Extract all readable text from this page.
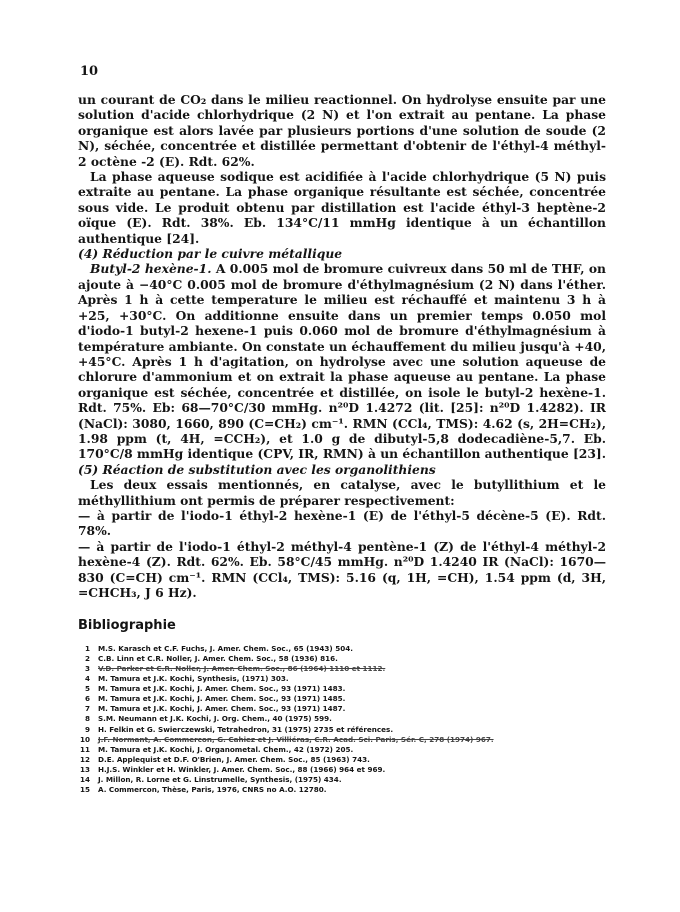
10

un courant de CO₂ dans le milieu reactionnel. On hydrolyse ensuite par une solution d'acide chlorhydrique (2 N) et l'on extrait au pentane. La phase organique est alors lavée par plusieurs portions d'une solution de soude (2 N), séchée, concentrée et distillée permettant d'obtenir de l'éthyl-4 méthyl-2 octène -2 (E). Rdt. 62%.

La phase aqueuse sodique est acidifiée à l'acide chlorhydrique (5 N) puis extraite au pentane. La phase organique résultante est séchée, concentrée sous vide. Le produit obtenu par distillation est l'acide éthyl-3 heptène-2 oïque (E). Rdt. 38%. Eb. 134°C/11 mmHg identique à un échantillon authentique [24].

(4) Réduction par le cuivre métallique

Butyl-2 hexène-1. A 0.005 mol de bromure cuivreux dans 50 ml de THF, on ajoute à −40°C 0.005 mol de bromure d'éthylmagnésium (2 N) dans l'éther. Après 1 h à cette temperature le milieu est réchauffé et maintenu 3 h à +25, +30°C. On additionne ensuite dans un premier temps 0.050 mol d'iodo-1 butyl-2 hexene-1 puis 0.060 mol de bromure d'éthylmagnésium à température ambiante. On constate un échauffement du milieu jusqu'à +40, +45°C. Après 1 h d'agitation, on hydrolyse avec une solution aqueuse de chlorure d'ammonium et on extrait la phase aqueuse au pentane. La phase organique est séchée, concentrée et distillée, on isole le butyl-2 hexène-1. Rdt. 75%. Eb: 68—70°C/30 mmHg. n²⁰D 1.4272 (lit. [25]: n²⁰D 1.4282). IR (NaCl): 3080, 1660, 890 (C=CH₂) cm⁻¹. RMN (CCl₄, TMS): 4.62 (s, 2H=CH₂), 1.98 ppm (t, 4H, =CCH₂), et 1.0 g de dibutyl-5,8 dodecadiène-5,7. Eb. 170°C/8 mmHg identique (CPV, IR, RMN) à un échantillon authentique [23].

(5) Réaction de substitution avec les organolithiens

Les deux essais mentionnés, en catalyse, avec le butyllithium et le méthyllithium ont permis de préparer respectivement:

— à partir de l'iodo-1 éthyl-2 hexène-1 (E) de l'éthyl-5 décène-5 (E). Rdt. 78%.

— à partir de l'iodo-1 éthyl-2 méthyl-4 pentène-1 (Z) de l'éthyl-4 méthyl-2 hexène-4 (Z). Rdt. 62%. Eb. 58°C/45 mmHg. n²⁰D 1.4240 IR (NaCl): 1670—830 (C=CH) cm⁻¹. RMN (CCl₄, TMS): 5.16 (q, 1H, =CH), 1.54 ppm (d, 3H, =CHCH₃, J 6 Hz).

Bibliographie
1 M.S. Karasch et C.F. Fuchs, J. Amer. Chem. Soc., 65 (1943) 504.
2 C.B. Linn et C.R. Noller, J. Amer. Chem. Soc., 58 (1936) 816.
3 V.D. Parker et C.R. Noller, J. Amer. Chem. Soc., 86 (1964) 1110 et 1112.
4 M. Tamura et J.K. Kochi, Synthesis, (1971) 303.
5 M. Tamura et J.K. Kochi, J. Amer. Chem. Soc., 93 (1971) 1483.
6 M. Tamura et J.K. Kochi, J. Amer. Chem. Soc., 93 (1971) 1485.
7 M. Tamura et J.K. Kochi, J. Amer. Chem. Soc., 93 (1971) 1487.
8 S.M. Neumann et J.K. Kochi, J. Org. Chem., 40 (1975) 599.
9 H. Felkin et G. Swierczewski, Tetrahedron, 31 (1975) 2735 et références.
10 J.F. Normant, A. Commercon, G. Cahiez et J. Villiéras, C.R. Acad. Sci. Paris, Sér. C, 278 (1974) 967.
11 M. Tamura et J.K. Kochi, J. Organometal. Chem., 42 (1972) 205.
12 D.E. Applequist et D.F. O'Brien, J. Amer. Chem. Soc., 85 (1963) 743.
13 H.J.S. Winkler et H. Winkler, J. Amer. Chem. Soc., 88 (1966) 964 et 969.
14 J. Millon, R. Lorne et G. Linstrumelle, Synthesis, (1975) 434.
15 A. Commercon, Thèse, Paris, 1976, CNRS no A.O. 12780.
